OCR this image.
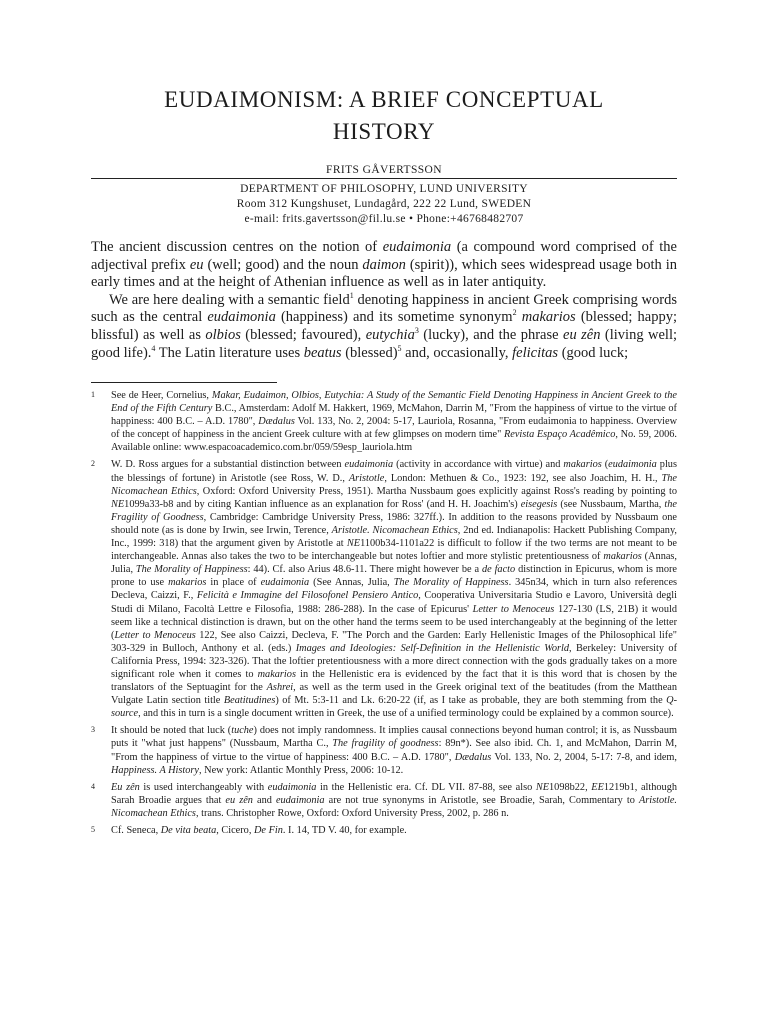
EUDAIMONISM: A BRIEF CONCEPTUAL
HISTORY
FRITS GÅVERTSSON
DEPARTMENT OF PHILOSOPHY, LUND UNIVERSITY
Room 312 Kungshuset, Lundagård, 222 22 Lund, SWEDEN
e-mail: frits.gavertsson@fil.lu.se • Phone:+46768482707

The ancient discussion centres on the notion of eudaimonia (a compound word comprised of the adjectival prefix eu (well; good) and the noun daimon (spirit)), which sees widespread usage both in early times and at the height of Athenian influence as well as in later antiquity.

We are here dealing with a semantic field$^1$ denoting happiness in ancient Greek comprising words such as the central eudaimonia (happiness) and its sometime synonym$^2$ makarios (blessed; happy; blissful) as well as olbios (blessed; favoured), eutychia$^3$ (lucky), and the phrase eu zên (living well; good life).$^4$ The Latin literature uses beatus (blessed)$^5$ and, occasionally, felicitas (good luck;

1 See de Heer, Cornelius, Makar, Eudaimon, Olbios, Eutychia: A Study of the Semantic Field Denoting Happiness in Ancient Greek to the End of the Fifth Century B.C., Amsterdam: Adolf M. Hakkert, 1969, McMahon, Darrin M, "From the happiness of virtue to the virtue of happiness: 400 B.C. – A.D. 1780", Dædalus Vol. 133, No. 2, 2004: 5-17, Lauriola, Rosanna, "From eudaimonia to happiness. Overview of the concept of happiness in the ancient Greek culture with at few glimpses on modern time" Revista Espaço Acadêmico, No. 59, 2006. Available online: www.espacoacademico.com.br/059/59esp_lauriola.htm
2 W. D. Ross argues for a substantial distinction between eudaimonia (activity in accordance with virtue) and makarios (eudaimonia plus the blessings of fortune) in Aristotle (see Ross, W. D., Aristotle, London: Methuen & Co., 1923: 192, see also Joachim, H. H., The Nicomachean Ethics, Oxford: Oxford University Press, 1951). Martha Nussbaum goes explicitly against Ross's reading by pointing to NE1099a33-b8 and by citing Kantian influence as an explanation for Ross' (and H. H. Joachim's) eisegesis (see Nussbaum, Martha, the Fragility of Goodness, Cambridge: Cambridge University Press, 1986: 327ff.). In addition to the reasons provided by Nussbaum one should note (as is done by Irwin, see Irwin, Terence, Aristotle. Nicomachean Ethics, 2nd ed. Indianapolis: Hackett Publishing Company, Inc., 1999: 318) that the argument given by Aristotle at NE1100b34-1101a22 is difficult to follow if the two terms are not meant to be interchangeable. Annas also takes the two to be interchangeable but notes loftier and more stylistic pretentiousness of makarios (Annas, Julia, The Morality of Happiness: 44). Cf. also Arius 48.6-11. There might however be a de facto distinction in Epicurus, whom is more prone to use makarios in place of eudaimonia (See Annas, Julia, The Morality of Happiness. 345n34, which in turn also references Decleva, Caizzi, F., Felicità e Immagine del Filosofonel Pensiero Antico, Cooperativa Universitaria Studio e Lavoro, Università degli Studi di Milano, Facoltà Lettre e Filosofia, 1988: 286-288). In the case of Epicurus' Letter to Menoceus 127-130 (LS, 21B) it would seem like a technical distinction is drawn, but on the other hand the terms seem to be used interchangeably at the beginning of the letter (Letter to Menoceus 122, See also Caizzi, Decleva, F. "The Porch and the Garden: Early Hellenistic Images of the Philosophical life" 303-329 in Bulloch, Anthony et al. (eds.) Images and Ideologies: Self-Definition in the Hellenistic World, Berkeley: University of California Press, 1994: 323-326). That the loftier pretentiousness with a more direct connection with the gods gradually takes on a more significant role when it comes to makarios in the Hellenistic era is evidenced by the fact that it is this word that is chosen by the translators of the Septuagint for the Ashrei, as well as the term used in the Greek original text of the beatitudes (from the Matthean Vulgate Latin section title Beatitudines) of Mt. 5:3-11 and Lk. 6:20-22 (if, as I take as probable, they are both stemming from the Q-source, and this in turn is a single document written in Greek, the use of a unified terminology could be explained by a common source).
3 It should be noted that luck (tuche) does not imply randomness. It implies causal connections beyond human control; it is, as Nussbaum puts it "what just happens" (Nussbaum, Martha C., The fragility of goodness: 89n*). See also ibid. Ch. 1, and McMahon, Darrin M, "From the happiness of virtue to the virtue of happiness: 400 B.C. – A.D. 1780", Dædalus Vol. 133, No. 2, 2004, 5-17: 7-8, and idem, Happiness. A History, New york: Atlantic Monthly Press, 2006: 10-12.
4 Eu zên is used interchangeably with eudaimonia in the Hellenistic era. Cf. DL VII. 87-88, see also NE1098b22, EE1219b1, although Sarah Broadie argues that eu zên and eudaimonia are not true synonyms in Aristotle, see Broadie, Sarah, Commentary to Aristotle. Nicomachean Ethics, trans. Christopher Rowe, Oxford: Oxford University Press, 2002, p. 286 n.
5 Cf. Seneca, De vita beata, Cicero, De Fin. I. 14, TD V. 40, for example.
